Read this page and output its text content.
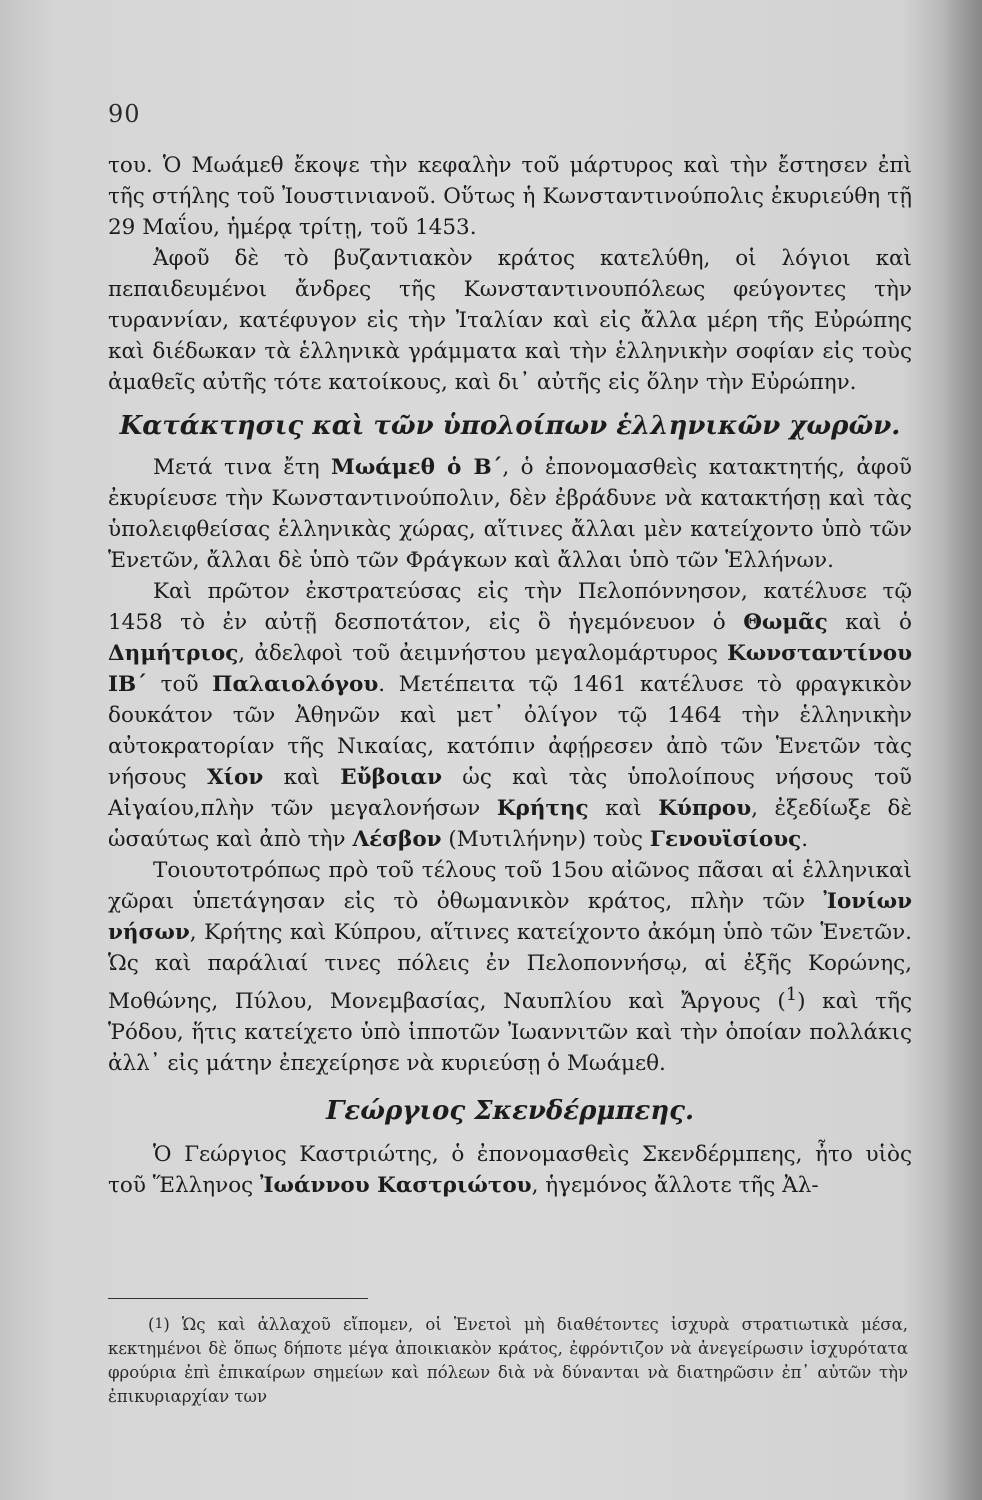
90

του. Ὁ Μωάμεθ ἔκοψε τὴν κεφαλὴν τοῦ μάρτυρος καὶ τὴν ἔστησεν ἐπὶ τῆς στήλης τοῦ Ἰουστινιανοῦ. Οὕτως ἡ Κωνσταντινούπολις ἐκυριεύθη τῇ 29 Μαΐου, ἡμέρᾳ τρίτῃ, τοῦ 1453.

Ἀφοῦ δὲ τὸ βυζαντιακὸν κράτος κατελύθη, οἱ λόγιοι καὶ πεπαιδευμένοι ἄνδρες τῆς Κωνσταντινουπόλεως φεύγοντες τὴν τυραννίαν, κατέφυγον εἰς τὴν Ἰταλίαν καὶ εἰς ἄλλα μέρη τῆς Εὐρώπης καὶ διέδωκαν τὰ ἑλληνικὰ γράμματα καὶ τὴν ἑλληνικὴν σοφίαν εἰς τοὺς ἀμαθεῖς αὐτῆς τότε κατοίκους, καὶ δι᾽ αὐτῆς εἰς ὅλην τὴν Εὐρώπην.

Κατάκτησις καὶ τῶν ὑπολοίπων ἑλληνικῶν χωρῶν.

Μετά τινα ἔτη Μωάμεθ ὁ Β΄, ὁ ἐπονομασθεὶς κατακτητής, ἀφοῦ ἐκυρίευσε τὴν Κωνσταντινούπολιν, δὲν ἐβράδυνε νὰ κατακτήσῃ καὶ τὰς ὑπολειφθείσας ἑλληνικὰς χώρας, αἵτινες ἄλλαι μὲν κατείχοντο ὑπὸ τῶν Ἑνετῶν, ἄλλαι δὲ ὑπὸ τῶν Φράγκων καὶ ἄλλαι ὑπὸ τῶν Ἑλλήνων.

Καὶ πρῶτον ἐκστρατεύσας εἰς τὴν Πελοπόννησον, κατέλυσε τῷ 1458 τὸ ἐν αὐτῇ δεσποτάτον, εἰς ὃ ἡγεμόνευον ὁ Θωμᾶς καὶ ὁ Δημήτριος, ἀδελφοὶ τοῦ ἀειμνήστου μεγαλομάρτυρος Κωνσταντίνου ΙΒ΄ τοῦ Παλαιολόγου. Μετέπειτα τῷ 1461 κατέλυσε τὸ φραγκικὸν δουκάτον τῶν Ἀθηνῶν καὶ μετ᾽ ὀλίγον τῷ 1464 τὴν ἑλληνικὴν αὐτοκρατορίαν τῆς Νικαίας, κατόπιν ἀφῄρεσεν ἀπὸ τῶν Ἑνετῶν τὰς νήσους Χίον καὶ Εὔβοιαν ὡς καὶ τὰς ὑπολοίπους νήσους τοῦ Αἰγαίου,πλὴν τῶν μεγαλονήσων Κρήτης καὶ Κύπρου, ἐξεδίωξε δὲ ὡσαύτως καὶ ἀπὸ τὴν Λέσβον (Μυτιλήνην) τοὺς Γενουϊσίους.

Τοιουτοτρόπως πρὸ τοῦ τέλους τοῦ 15ου αἰῶνος πᾶσαι αἱ ἑλληνικαὶ χῶραι ὑπετάγησαν εἰς τὸ ὀθωμανικὸν κράτος, πλὴν τῶν Ἰονίων νήσων, Κρήτης καὶ Κύπρου, αἵτινες κατείχοντο ἀκόμη ὑπὸ τῶν Ἑνετῶν. Ὡς καὶ παράλιαί τινες πόλεις ἐν Πελοποννήσῳ, αἱ ἐξῆς Κορώνης, Μοθώνης, Πύλου, Μονεμβασίας, Ναυπλίου καὶ Ἄργους ($^1$) καὶ τῆς Ῥόδου, ἥτις κατείχετο ὑπὸ ἱπποτῶν Ἰωαννιτῶν καὶ τὴν ὁποίαν πολλάκις ἀλλ᾽ εἰς μάτην ἐπεχείρησε νὰ κυριεύσῃ ὁ Μωάμεθ.

Γεώργιος Σκενδέρμπεης.

Ὁ Γεώργιος Καστριώτης, ὁ ἐπονομασθεὶς Σκενδέρμπεης, ἦτο υἱὸς τοῦ Ἕλληνος Ἰωάννου Καστριώτου, ἡγεμόνος ἄλλοτε τῆς Ἀλ-

(1) Ὡς καὶ ἀλλαχοῦ εἴπομεν, οἱ Ἑνετοὶ μὴ διαθέτοντες ἰσχυρὰ στρατιωτικὰ μέσα, κεκτημένοι δὲ ὅπως δήποτε μέγα ἀποικιακὸν κράτος, ἐφρόντιζον νὰ ἀνεγείρωσιν ἰσχυρότατα φρούρια ἐπὶ ἐπικαίρων σημείων καὶ πόλεων διὰ νὰ δύνανται νὰ διατηρῶσιν ἐπ᾽ αὐτῶν τὴν ἐπικυριαρχίαν των
